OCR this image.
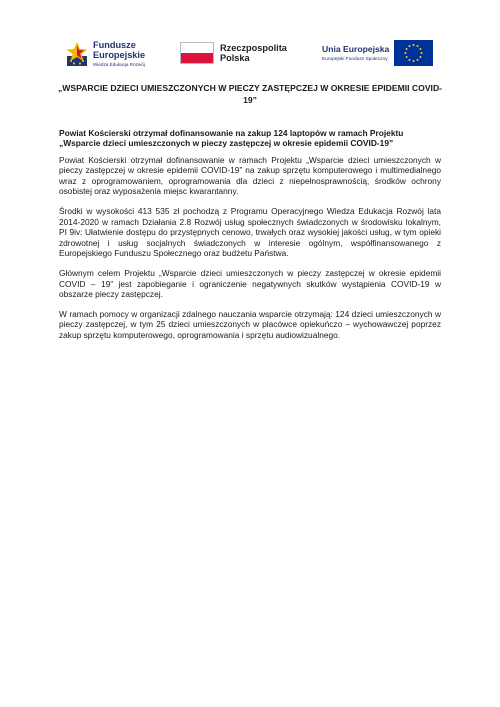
Fundusze
Europejskie
Wiedza Edukacja Rozwój
Rzeczpospolita
Polska
Unia Europejska
Europejski Fundusz Społeczny
„WSPARCIE DZIECI UMIESZCZONYCH W PIECZY ZASTĘPCZEJ W OKRESIE EPIDEMII COVID-19”

Powiat Kościerski otrzymał dofinansowanie na zakup 124 laptopów w ramach Projektu „Wsparcie dzieci umieszczonych w pieczy zastępczej w okresie epidemii COVID-19”

Powiat Kościerski otrzymał dofinansowanie w ramach Projektu „Wsparcie dzieci umieszczonych w pieczy zastępczej w okresie epidemii COVID-19” na zakup sprzętu komputerowego i multimedialnego wraz z oprogramowaniem, oprogramowania dla dzieci z niepełnosprawnością, środków ochrony osobistej oraz wyposażenia miejsc kwarantanny.

Środki w wysokości 413 535 zł pochodzą z Programu Operacyjnego Wiedza Edukacja Rozwój lata 2014-2020 w ramach Działania 2.8 Rozwój usług społecznych świadczonych w środowisku lokalnym, PI 9iv: Ułatwienie dostępu do przystępnych cenowo, trwałych oraz wysokiej jakości usług, w tym opieki zdrowotnej i usług socjalnych świadczonych w interesie ogólnym, współfinansowanego z Europejskiego Funduszu Społecznego oraz budżetu Państwa.

Głównym celem Projektu „Wsparcie dzieci umieszczonych w pieczy zastępczej w okresie epidemii COVID – 19” jest zapobieganie i ograniczenie negatywnych skutków wystąpienia COVID-19 w obszarze pieczy zastępczej.

W ramach pomocy w organizacji zdalnego nauczania wsparcie otrzymają: 124 dzieci umieszczonych w pieczy zastępczej, w tym 25 dzieci umieszczonych w placówce opiekuńczo – wychowawczej poprzez zakup sprzętu komputerowego, oprogramowania i sprzętu audiowizualnego.
